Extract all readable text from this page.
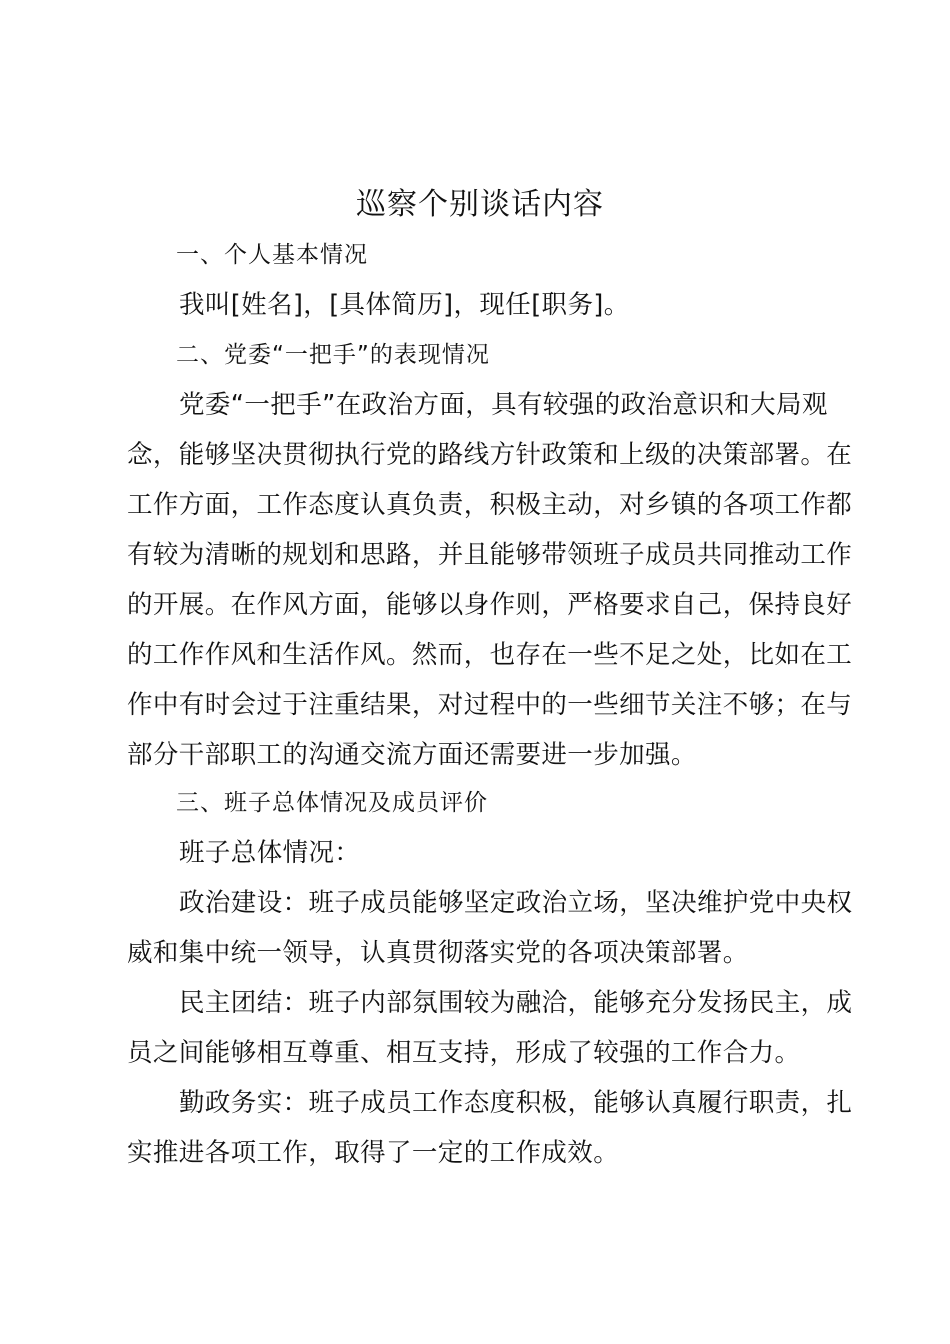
巡察个别谈话内容
一、个人基本情况
我叫[姓名]，[具体简历]，现任[职务]。
二、党委“一把手”的表现情况
党委“一把手”在政治方面，具有较强的政治意识和大局观念，能够坚决贯彻执行党的路线方针政策和上级的决策部署。在工作方面，工作态度认真负责，积极主动，对乡镇的各项工作都有较为清晰的规划和思路，并且能够带领班子成员共同推动工作的开展。在作风方面，能够以身作则，严格要求自己，保持良好的工作作风和生活作风。然而，也存在一些不足之处，比如在工作中有时会过于注重结果，对过程中的一些细节关注不够；在与部分干部职工的沟通交流方面还需要进一步加强。
三、班子总体情况及成员评价
班子总体情况：
政治建设：班子成员能够坚定政治立场，坚决维护党中央权威和集中统一领导，认真贯彻落实党的各项决策部署。
民主团结：班子内部氛围较为融洽，能够充分发扬民主，成员之间能够相互尊重、相互支持，形成了较强的工作合力。
勤政务实：班子成员工作态度积极，能够认真履行职责，扎实推进各项工作，取得了一定的工作成效。
